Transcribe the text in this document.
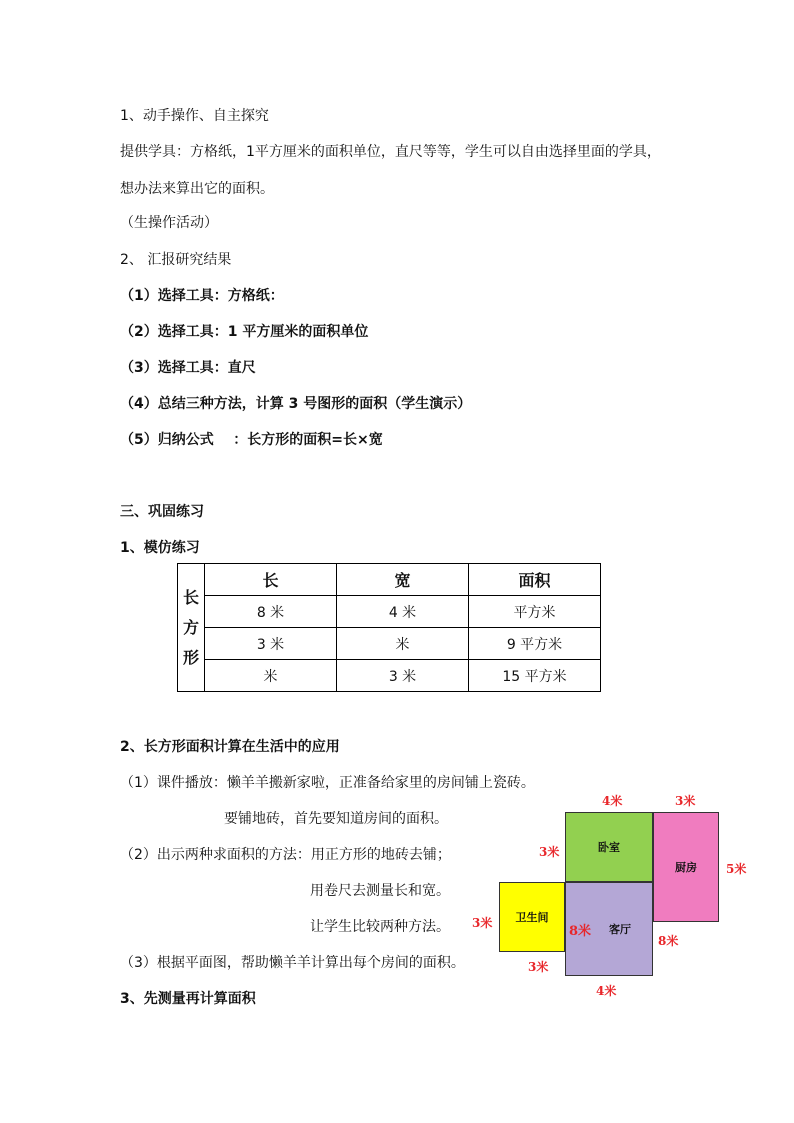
1、动手操作、自主探究
提供学具：方格纸，1平方厘米的面积单位，直尺等等，学生可以自由选择里面的学具，
想办法来算出它的面积。
（生操作活动）
2、 汇报研究结果
（1）选择工具：方格纸：
（2）选择工具：1 平方厘米的面积单位
（3）选择工具：直尺
（4）总结三种方法，计算 3 号图形的面积（学生演示）
（5）归纳公式    ：长方形的面积=长×宽
三、巩固练习
1、模仿练习
长
方
形	长	宽	面积
	8 米	4 米	平方米
	3 米	米	9 平方米
	米	3 米	15 平方米
2、长方形面积计算在生活中的应用
（1）课件播放：懒羊羊搬新家啦，正准备给家里的房间铺上瓷砖。
要铺地砖，首先要知道房间的面积。
（2）出示两种求面积的方法：用正方形的地砖去铺；
用卷尺去测量长和宽。
让学生比较两种方法。
（3）根据平面图，帮助懒羊羊计算出每个房间的面积。
3、先测量再计算面积
卧室
厨房
卫生间
客厅
4米	3米
3米
5米
3米
8米
8米
3米
4米
